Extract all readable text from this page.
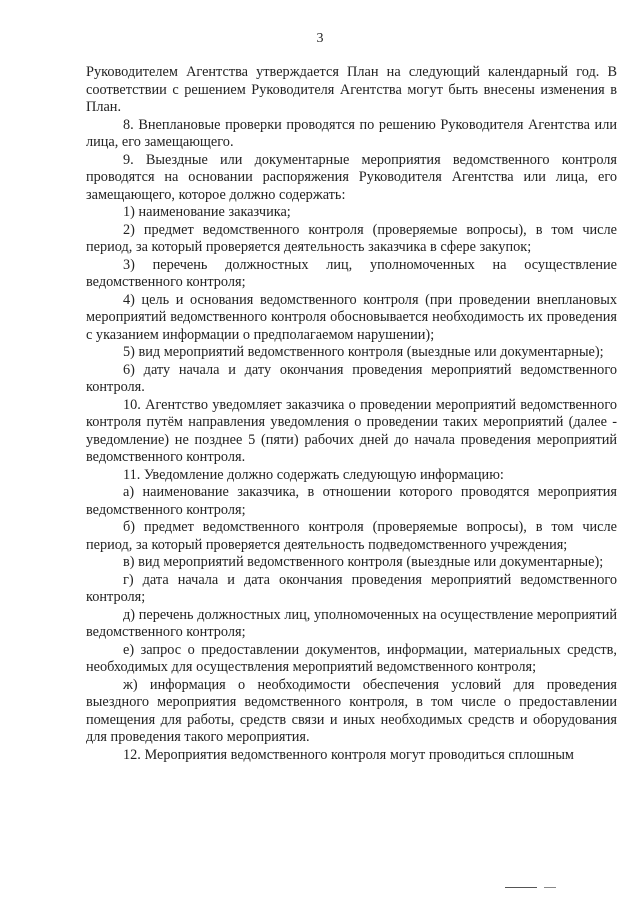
3

Руководителем Агентства утверждается План на следующий календарный год. В соответствии с решением Руководителя Агентства могут быть внесены изменения в План.

8. Внеплановые проверки проводятся по решению Руководителя Агентства или лица, его замещающего.

9. Выездные или документарные мероприятия ведомственного контроля проводятся на основании распоряжения Руководителя Агентства или лица, его замещающего, которое должно содержать:

1) наименование заказчика;

2) предмет ведомственного контроля (проверяемые вопросы), в том числе период, за который проверяется деятельность заказчика в сфере закупок;

3) перечень должностных лиц, уполномоченных на осуществление ведомственного контроля;

4) цель и основания ведомственного контроля (при проведении внеплановых мероприятий ведомственного контроля обосновывается необходимость их проведения с указанием информации о предполагаемом нарушении);

5) вид мероприятий ведомственного контроля (выездные или документарные);

6) дату начала и дату окончания проведения мероприятий ведомственного контроля.

10. Агентство уведомляет заказчика о проведении мероприятий ведомственного контроля путём направления уведомления о проведении таких мероприятий (далее - уведомление) не позднее 5 (пяти) рабочих дней до начала проведения мероприятий ведомственного контроля.

11. Уведомление должно содержать следующую информацию:

а) наименование заказчика, в отношении которого проводятся мероприятия ведомственного контроля;

б) предмет ведомственного контроля (проверяемые вопросы), в том числе период, за который проверяется деятельность подведомственного учреждения;

в) вид мероприятий ведомственного контроля (выездные или документарные);

г) дата начала и дата окончания проведения мероприятий ведомственного контроля;

д) перечень должностных лиц, уполномоченных на осуществление мероприятий ведомственного контроля;

е) запрос о предоставлении документов, информации, материальных средств, необходимых для осуществления мероприятий ведомственного контроля;

ж) информация о необходимости обеспечения условий для проведения выездного мероприятия ведомственного контроля, в том числе о предоставлении помещения для работы, средств связи и иных необходимых средств и оборудования для проведения такого мероприятия.

12. Мероприятия ведомственного контроля могут проводиться сплошным
